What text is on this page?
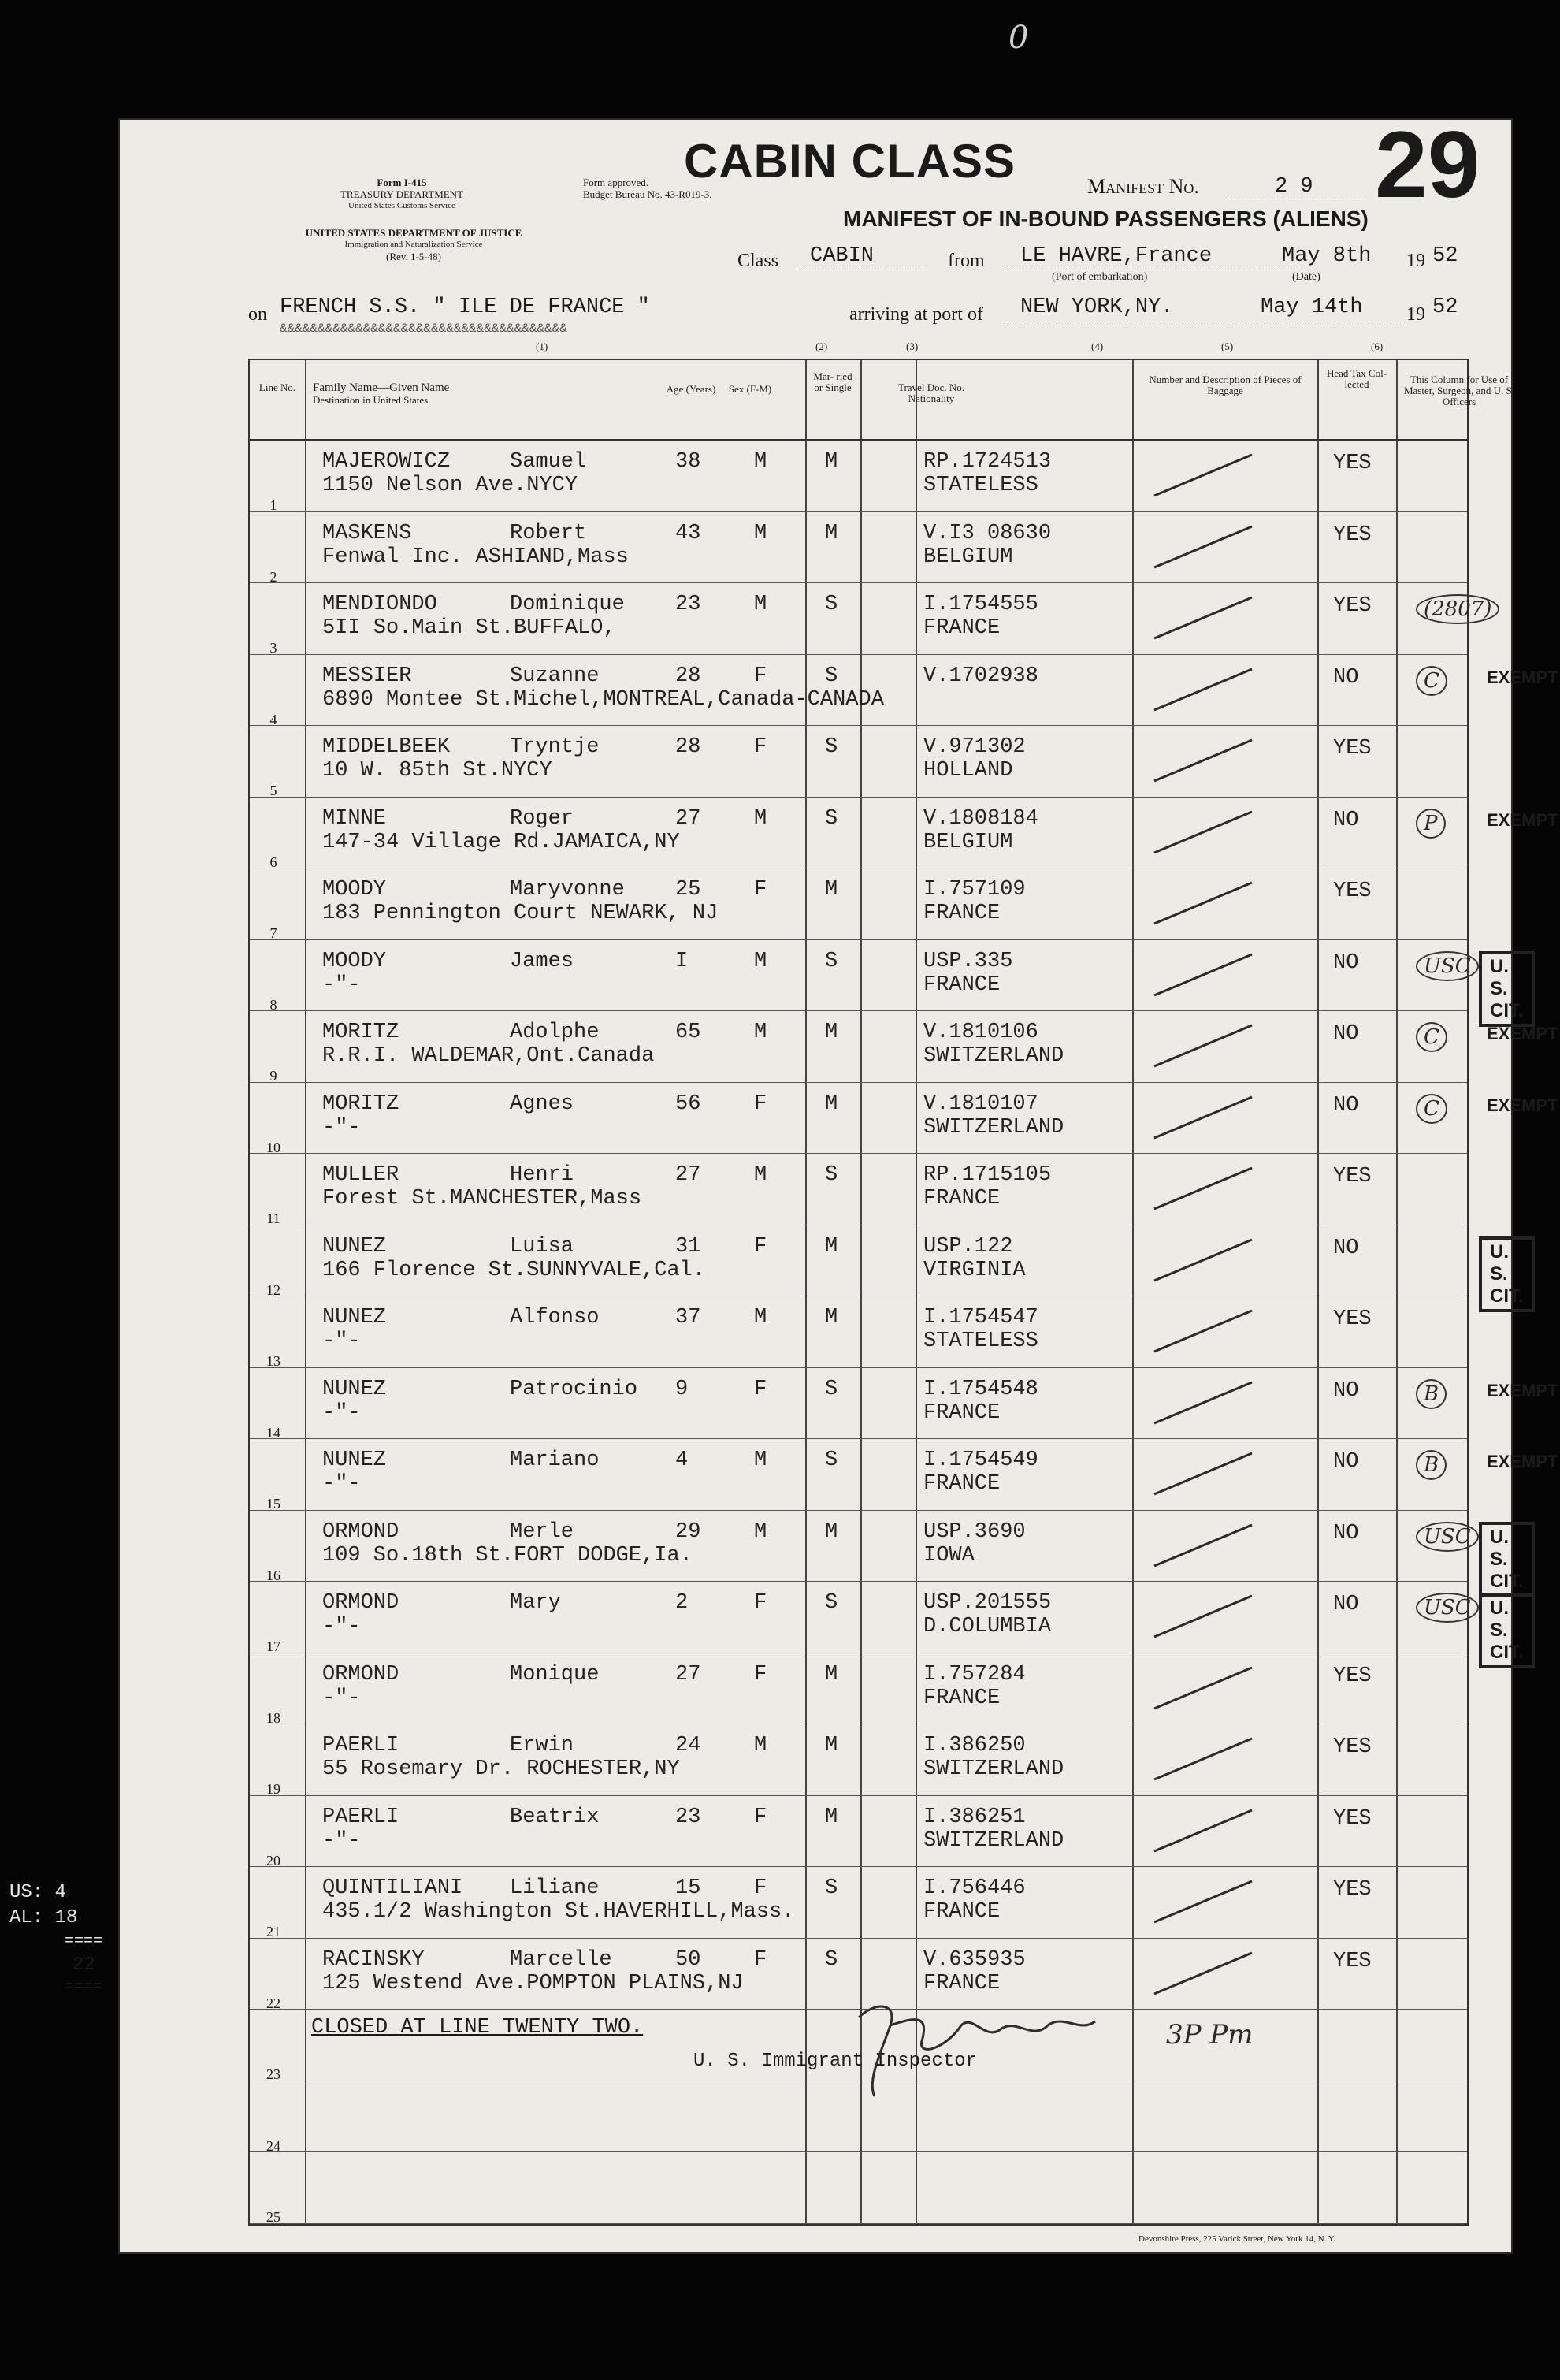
Form I-415
TREASURY DEPARTMENT
United States Customs Service
Form approved.
Budget Bureau No. 43-R019-3.
UNITED STATES DEPARTMENT OF JUSTICE
Immigration and Naturalization Service
(Rev. 1-5-48)
0
CABIN CLASS	Manifest No.	2 9 29
MANIFEST OF IN-BOUND PASSENGERS (ALIENS)
Class CABIN	from LE HAVRE,France	May 8th 19 52
(Port of embarkation)	(Date)
on FRENCH S.S. " ILE DE FRANCE "
&&&&&&&&&&&&&&&&&&&&&&&&&&&&&&&&&&&&&&
(1)
arriving at port of NEW YORK,NY.	May 14th 19 52
(2)	(3)	(4)	(5)	(6)
Line No.	Family Name—Given Name
Destination in United States
Age (Years) Sex (F-M)
Mar- ried or Single	Travel Doc. No. Nationality
Number and Description of Pieces of Baggage
Head Tax Col- lected	This Column for Use of Master, Surgeon, and U. S. Officers
MAJEROWICZ	Samuel	38	M	M	RP.1724513
1150 Nelson Ave.NYCY	STATELESS
YES
1
MASKENS	Robert	43	M	M	V.I3 08630
Fenwal Inc. ASHIAND,Mass	BELGIUM
YES
2
MENDIONDO	Dominique 23	M	S	I.1754555
5II So.Main St.BUFFALO,	FRANCE
YES	(2807)
3
MESSIER	Suzanne	28	F	S	V.1702938
6890 Montee St.Michel,MONTREAL,Canada-CANADA
NO	C	EXEMPT
4
MIDDELBEEK	Tryntje	28	F	S	V.971302
10 W. 85th St.NYCY	HOLLAND
YES
5
MINNE	Roger	27	M	S	V.1808184
147-34 Village Rd.JAMAICA,NY	BELGIUM
NO	P	EXEMPT
6
MOODY	Maryvonne 25	F	M	I.757109
183 Pennington Court NEWARK, NJ	FRANCE
YES
7
MOODY	James	I	M	S	USP.335
-"-	FRANCE
NO	USC	U. S. CIT.
8
MORITZ	Adolphe	65	M	M	V.1810106
R.R.I. WALDEMAR,Ont.Canada	SWITZERLAND
NO	C	EXEMPT
9
MORITZ	Agnes	56	F	M	V.1810107
-"-	SWITZERLAND
NO	C	EXEMPT
10
MULLER	Henri	27	M	S	RP.1715105
Forest St.MANCHESTER,Mass	FRANCE
YES
11
NUNEZ	Luisa	31	F	M	USP.122
166 Florence St.SUNNYVALE,Cal.	VIRGINIA
NO	U. S. CIT.
12
NUNEZ	Alfonso	37	M	M	I.1754547
-"-	STATELESS
YES
13
NUNEZ	Patrocinio 9	F	S	I.1754548
-"-	FRANCE
NO	B	EXEMPT
14
NUNEZ	Mariano	4	M	S	I.1754549
-"-	FRANCE
NO	B	EXEMPT
15
ORMOND	Merle	29	M	M	USP.3690
109 So.18th St.FORT DODGE,Ia.	IOWA
NO	USC	U. S. CIT.
16
ORMOND	Mary	2	F	S	USP.201555
-"-	D.COLUMBIA
NO	USC	U. S. CIT.
17
ORMOND	Monique	27	F	M	I.757284
-"-	FRANCE
YES
18
PAERLI	Erwin	24	M	M	I.386250
55 Rosemary Dr. ROCHESTER,NY	SWITZERLAND
YES
19
PAERLI	Beatrix	23	F	M	I.386251
-"-	SWITZERLAND
YES
20
QUINTILIANI Liliane	15	F	S	I.756446
435.1/2 Washington St.HAVERHILL,Mass.	FRANCE
YES
21
RACINSKY	Marcelle	50	F	S	V.635935
125 Westend Ave.POMPTON PLAINS,NJ	FRANCE
YES
22
23
24
25
CLOSED AT LINE TWENTY TWO.
U. S. Immigrant Inspector
3P Pm
US: 4
AL: 18
====
22
====
Devonshire Press, 225 Varick Street, New York 14, N. Y.
